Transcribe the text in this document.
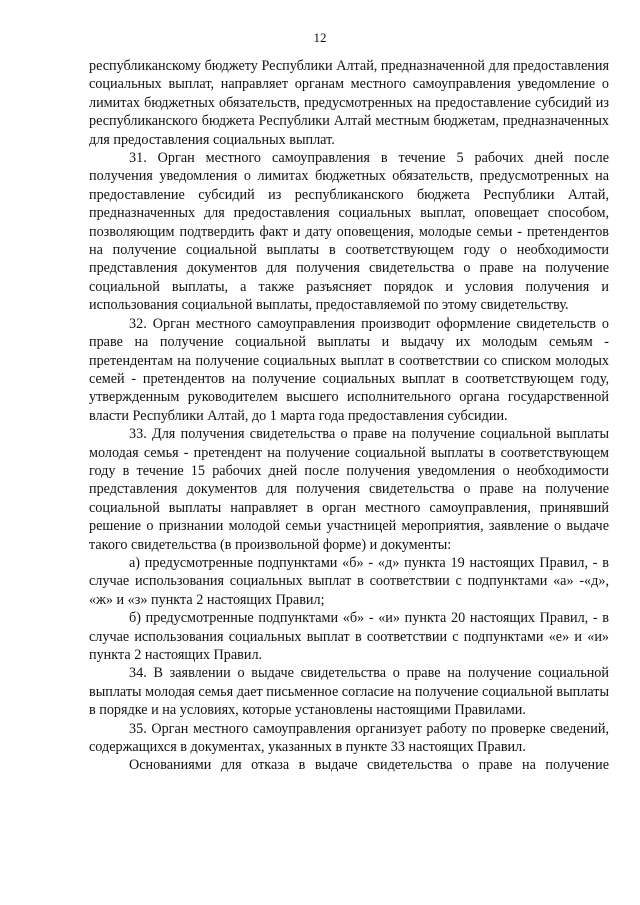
12

республиканскому бюджету Республики Алтай, предназначенной для предоставления социальных выплат, направляет органам местного самоуправления уведомление о лимитах бюджетных обязательств, предусмотренных на предоставление субсидий из республиканского бюджета Республики Алтай местным бюджетам, предназначенных для предоставления социальных выплат.

31. Орган местного самоуправления в течение 5 рабочих дней после получения уведомления о лимитах бюджетных обязательств, предусмотренных на предоставление субсидий из республиканского бюджета Республики Алтай, предназначенных для предоставления социальных выплат, оповещает способом, позволяющим подтвердить факт и дату оповещения, молодые семьи - претендентов на получение социальной выплаты в соответствующем году о необходимости представления документов для получения свидетельства о праве на получение социальной выплаты, а также разъясняет порядок и условия получения и использования социальной выплаты, предоставляемой по этому свидетельству.

32. Орган местного самоуправления производит оформление свидетельств о праве на получение социальной выплаты и выдачу их молодым семьям - претендентам на получение социальных выплат в соответствии со списком молодых семей - претендентов на получение социальных выплат в соответствующем году, утвержденным руководителем высшего исполнительного органа государственной власти Республики Алтай, до 1 марта года предоставления субсидии.

33. Для получения свидетельства о праве на получение социальной выплаты молодая семья - претендент на получение социальной выплаты в соответствующем году в течение 15 рабочих дней после получения уведомления о необходимости представления документов для получения свидетельства о праве на получение социальной выплаты направляет в орган местного самоуправления, принявший решение о признании молодой семьи участницей мероприятия, заявление о выдаче такого свидетельства (в произвольной форме) и документы:

а) предусмотренные подпунктами «б» - «д» пункта 19 настоящих Правил, - в случае использования социальных выплат в соответствии с подпунктами «а» -«д», «ж» и «з» пункта 2 настоящих Правил;

б) предусмотренные подпунктами «б» - «и» пункта 20 настоящих Правил, - в случае использования социальных выплат в соответствии с подпунктами «е» и «и» пункта 2 настоящих Правил.

34. В заявлении о выдаче свидетельства о праве на получение социальной выплаты молодая семья дает письменное согласие на получение социальной выплаты в порядке и на условиях, которые установлены настоящими Правилами.

35. Орган местного самоуправления организует работу по проверке сведений, содержащихся в документах, указанных в пункте 33 настоящих Правил.

Основаниями для отказа в выдаче свидетельства о праве на получение
